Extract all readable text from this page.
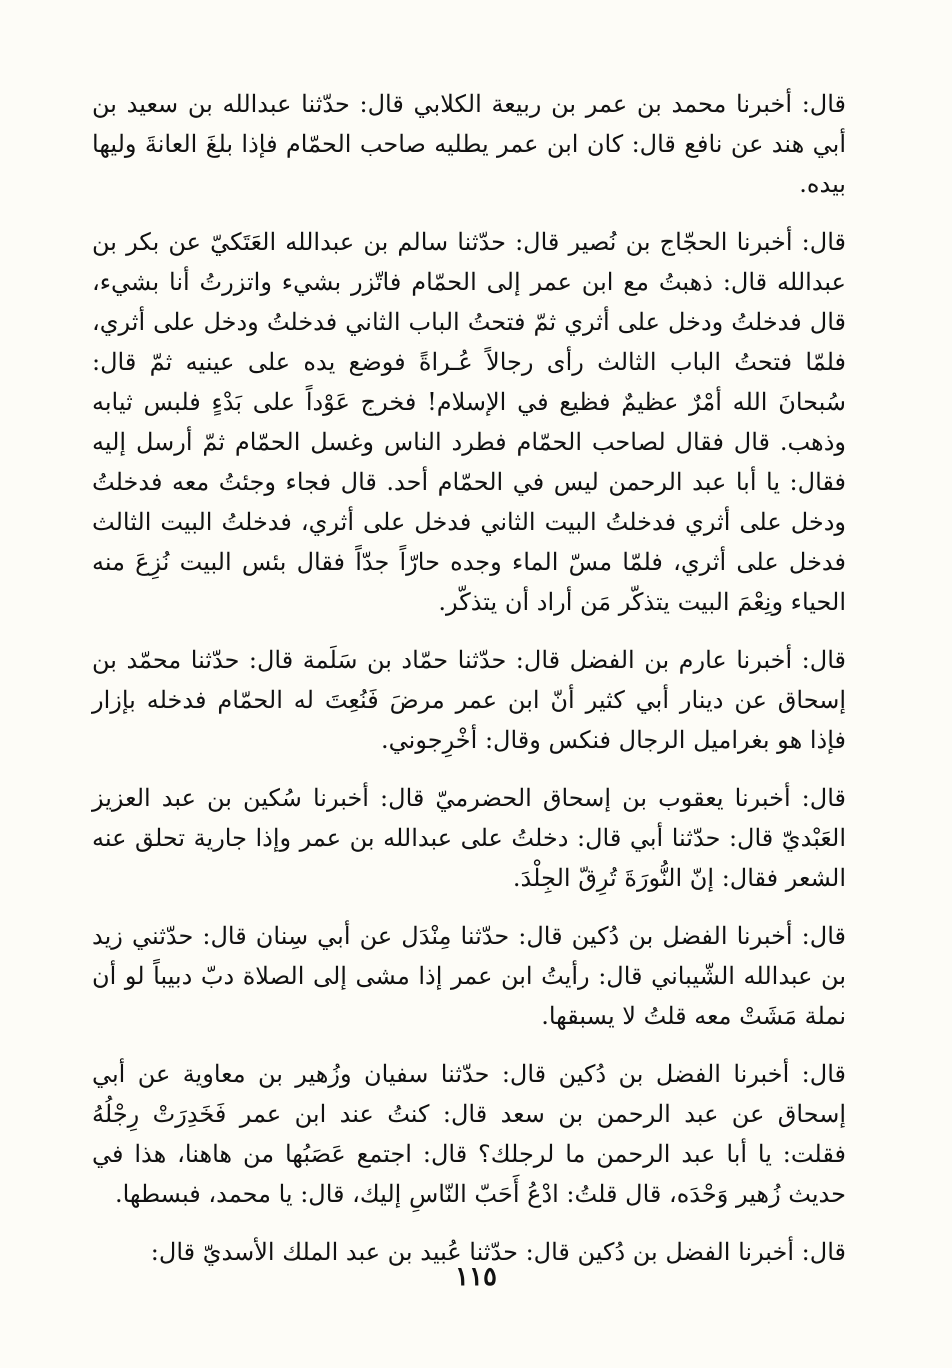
قال: أخبرنا محمد بن عمر بن ربيعة الكلابي قال: حدّثنا عبدالله بن سعيد بن أبي هند عن نافع قال: كان ابن عمر يطليه صاحب الحمّام فإذا بلغَ العانةَ وليها بيده.

قال: أخبرنا الحجّاج بن نُصير قال: حدّثنا سالم بن عبدالله العَتَكيّ عن بكر بن عبدالله قال: ذهبتُ مع ابن عمر إلى الحمّام فاتّزر بشيء واتزرتُ أنا بشيء، قال فدخلتُ ودخل على أثري ثمّ فتحتُ الباب الثاني فدخلتُ ودخل على أثري، فلمّا فتحتُ الباب الثالث رأى رجالاً عُـراةً فوضع يده على عينيه ثمّ قال: سُبحانَ الله أمْرٌ عظيمٌ فظيع في الإسلام! فخرج عَوْداً على بَدْءٍ فلبس ثيابه وذهب. قال فقال لصاحب الحمّام فطرد الناس وغسل الحمّام ثمّ أرسل إليه فقال: يا أبا عبد الرحمن ليس في الحمّام أحد. قال فجاء وجئتُ معه فدخلتُ ودخل على أثري فدخلتُ البيت الثاني فدخل على أثري، فدخلتُ البيت الثالث فدخل على أثري، فلمّا مسّ الماء وجده حارّاً جدّاً فقال بئس البيت نُزِعَ منه الحياء ونِعْمَ البيت يتذكّر مَن أراد أن يتذكّر.

قال: أخبرنا عارم بن الفضل قال: حدّثنا حمّاد بن سَلَمة قال: حدّثنا محمّد بن إسحاق عن دينار أبي كثير أنّ ابن عمر مرضَ فَنُعِتَ له الحمّام فدخله بإزار فإذا هو بغراميل الرجال فنكس وقال: أخْرِجوني.

قال: أخبرنا يعقوب بن إسحاق الحضرميّ قال: أخبرنا سُكين بن عبد العزيز العَبْديّ قال: حدّثنا أبي قال: دخلتُ على عبدالله بن عمر وإذا جارية تحلق عنه الشعر فقال: إنّ النُّورَةَ تُرِقّ الجِلْدَ.

قال: أخبرنا الفضل بن دُكين قال: حدّثنا مِنْدَل عن أبي سِنان قال: حدّثني زيد بن عبدالله الشّيباني قال: رأيتُ ابن عمر إذا مشى إلى الصلاة دبّ دبيباً لو أن نملة مَشَتْ معه قلتُ لا يسبقها.

قال: أخبرنا الفضل بن دُكين قال: حدّثنا سفيان وزُهير بن معاوية عن أبي إسحاق عن عبد الرحمن بن سعد قال: كنتُ عند ابن عمر فَخَدِرَتْ رِجْلُهُ فقلت: يا أبا عبد الرحمن ما لرجلك؟ قال: اجتمع عَصَبُها من هاهنا، هذا في حديث زُهير وَحْدَه، قال قلتُ: ادْعُ أَحَبّ النّاسِ إليك، قال: يا محمد، فبسطها.

قال: أخبرنا الفضل بن دُكين قال: حدّثنا عُبيد بن عبد الملك الأسديّ قال:

١١٥
